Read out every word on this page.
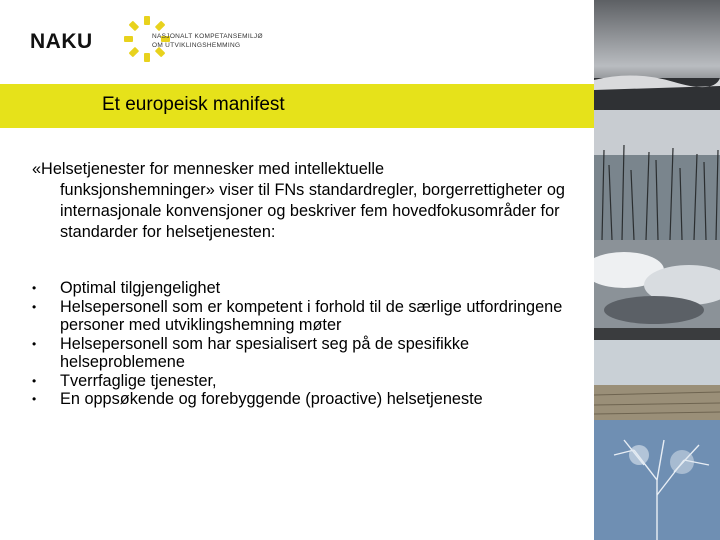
NAKU	NASJONALT KOMPETANSEMILJØ
OM UTVIKLINGSHEMMING
Et europeisk manifest
«Helsetjenester for mennesker med intellektuelle
funksjonshemninger» viser til FNs standardregler, borgerrettigheter og internasjonale konvensjoner og beskriver fem hovedfokusområder for standarder for helsetjenesten:
• Optimal tilgjengelighet
• Helsepersonell som er kompetent i forhold til de særlige utfordringene personer med utviklingshemning møter
• Helsepersonell som har spesialisert seg på de spesifikke helseproblemene
• Tverrfaglige tjenester,
• En oppsøkende og forebyggende (proactive) helsetjeneste
